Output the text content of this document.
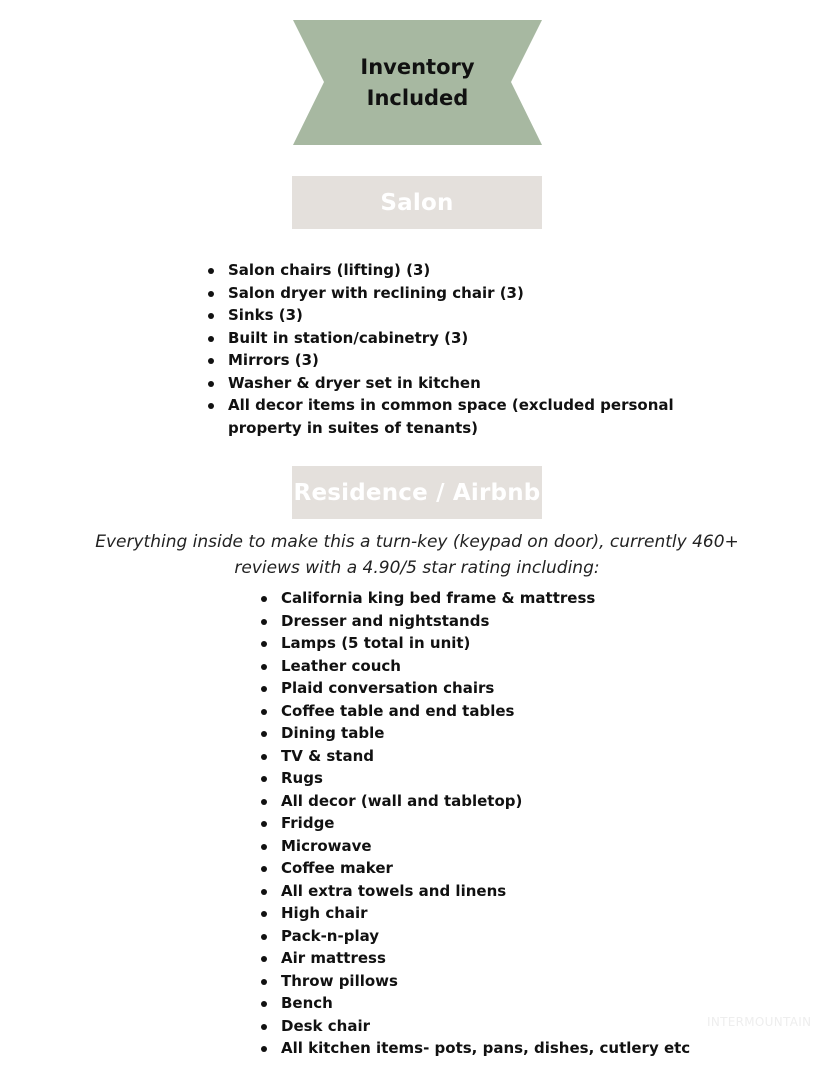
Inventory
Included
Salon
Salon chairs (lifting) (3)
Salon dryer with reclining chair (3)
Sinks (3)
Built in station/cabinetry (3)
Mirrors (3)
Washer & dryer set in kitchen
All decor items in common space (excluded personal property in suites of tenants)
Residence / Airbnb
Everything inside to make this a turn-key (keypad on door), currently 460+ reviews with a 4.90/5 star rating including:
California king bed frame & mattress
Dresser and nightstands
Lamps (5 total in unit)
Leather couch
Plaid conversation chairs
Coffee table and end tables
Dining table
TV & stand
Rugs
All decor (wall and tabletop)
Fridge
Microwave
Coffee maker
All extra towels and linens
High chair
Pack-n-play
Air mattress
Throw pillows
Bench
Desk chair
All kitchen items- pots, pans, dishes, cutlery etc
INTERMOUNTAIN
